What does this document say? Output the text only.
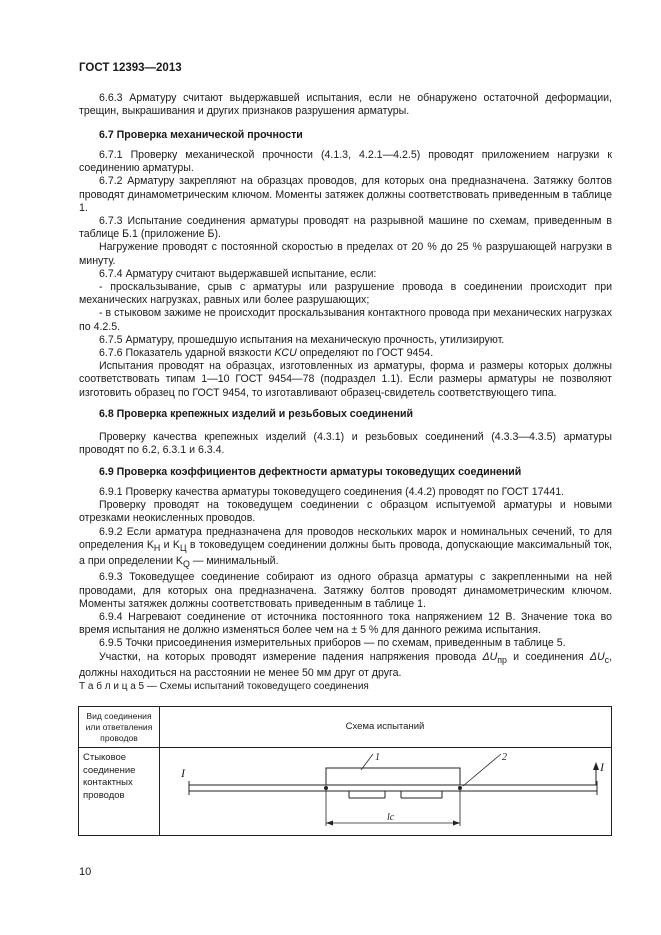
ГОСТ 12393—2013

6.6.3 Арматуру считают выдержавшей испытания, если не обнаружено остаточной деформации, трещин, выкрашивания и других признаков разрушения арматуры.

6.7 Проверка механической прочности

6.7.1 Проверку механической прочности (4.1.3, 4.2.1—4.2.5) проводят приложением нагрузки к соединению арматуры.

6.7.2 Арматуру закрепляют на образцах проводов, для которых она предназначена. Затяжку болтов проводят динамометрическим ключом. Моменты затяжек должны соответствовать приведенным в таблице 1.

6.7.3 Испытание соединения арматуры проводят на разрывной машине по схемам, приведенным в таблице Б.1 (приложение Б).

Нагружение проводят с постоянной скоростью в пределах от 20 % до 25 % разрушающей нагрузки в минуту.

6.7.4 Арматуру считают выдержавшей испытание, если:

- проскальзывание, срыв с арматуры или разрушение провода в соединении происходит при механических нагрузках, равных или более разрушающих;

- в стыковом зажиме не происходит проскальзывания контактного провода при механических нагрузках по 4.2.5.

6.7.5 Арматуру, прошедшую испытания на механическую прочность, утилизируют.

6.7.6 Показатель ударной вязкости KCU определяют по ГОСТ 9454.

Испытания проводят на образцах, изготовленных из арматуры, форма и размеры которых должны соответствовать типам 1—10 ГОСТ 9454—78 (подраздел 1.1). Если размеры арматуры не позволяют изготовить образец по ГОСТ 9454, то изготавливают образец-свидетель соответствующего типа.

6.8 Проверка крепежных изделий и резьбовых соединений

Проверку качества крепежных изделий (4.3.1) и резьбовых соединений (4.3.3—4.3.5) арматуры проводят по 6.2, 6.3.1 и 6.3.4.

6.9 Проверка коэффициентов дефектности арматуры токоведущих соединений

6.9.1 Проверку качества арматуры токоведущего соединения (4.4.2) проводят по ГОСТ 17441.

Проверку проводят на токоведущем соединении с образцом испытуемой арматуры и новыми отрезками неокисленных проводов.

6.9.2 Если арматура предназначена для проводов нескольких марок и номинальных сечений, то для определения $K_Н$ и $K_Ц$ в токоведущем соединении должны быть провода, допускающие максимальный ток, а при определении $K_Q$ — минимальный.

6.9.3 Токоведущее соединение собирают из одного образца арматуры с закрепленными на ней проводами, для которых она предназначена. Затяжку болтов проводят динамометрическим ключом. Моменты затяжек должны соответствовать приведенным в таблице 1.

6.9.4 Нагревают соединение от источника постоянного тока напряжением 12 В. Значение тока во время испытания не должно изменяться более чем на ± 5 % для данного режима испытания.

6.9.5 Точки присоединения измерительных приборов — по схемам, приведенным в таблице 5.

Участки, на которых проводят измерение падения напряжения провода $\Delta U_{пр}$ и соединения $\Delta U_с$, должны находиться на расстоянии не менее 50 мм друг от друга.

Т а б л и ц а 5 — Схемы испытаний токоведущего соединения
Вид соединения или ответвления проводов
Схема испытаний
Стыковое соединение контактных проводов
1	2
I	I
lc
10
